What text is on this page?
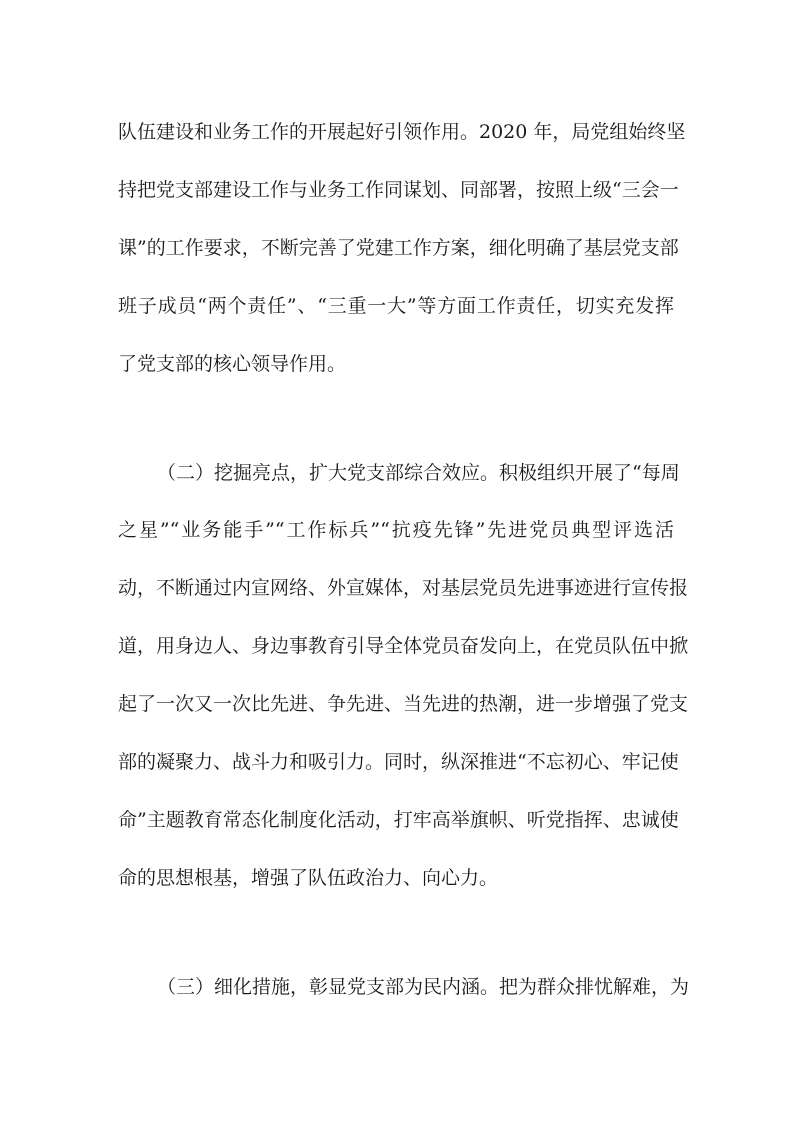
队伍建设和业务工作的开展起好引领作用。2020 年，局党组始终坚
持把党支部建设工作与业务工作同谋划、同部署，按照上级“三会一
课”的工作要求，不断完善了党建工作方案，细化明确了基层党支部
班子成员“两个责任”、“三重一大”等方面工作责任，切实充发挥
了党支部的核心领导作用。
（二）挖掘亮点，扩大党支部综合效应。积极组织开展了“每周
之星”“业务能手”“工作标兵”“抗疫先锋”先进党员典型评选活
动，不断通过内宣网络、外宣媒体，对基层党员先进事迹进行宣传报
道，用身边人、身边事教育引导全体党员奋发向上，在党员队伍中掀
起了一次又一次比先进、争先进、当先进的热潮，进一步增强了党支
部的凝聚力、战斗力和吸引力。同时，纵深推进“不忘初心、牢记使
命”主题教育常态化制度化活动，打牢高举旗帜、听党指挥、忠诚使
命的思想根基，增强了队伍政治力、向心力。
（三）细化措施，彰显党支部为民内涵。把为群众排忧解难，为
